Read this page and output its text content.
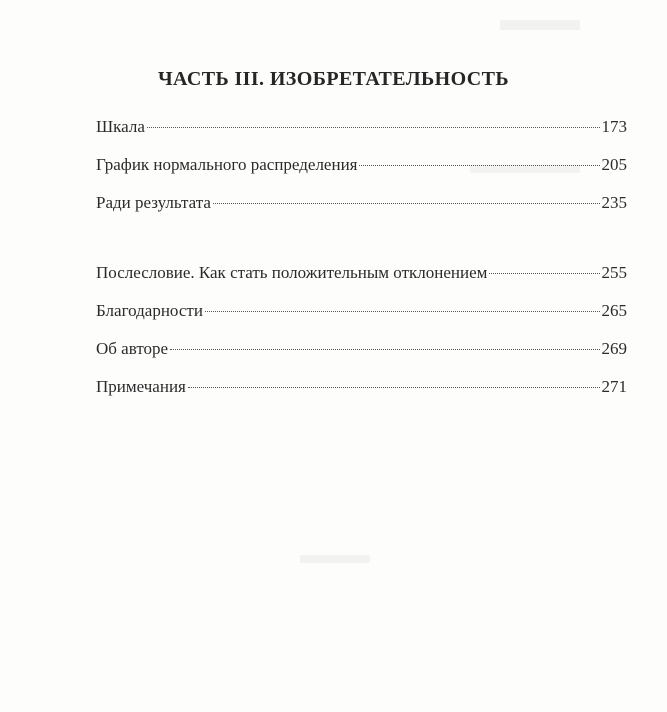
ЧАСТЬ III. ИЗОБРЕТАТЕЛЬНОСТЬ
Шкала	173
График нормального распределения	205
Ради результата	235
Послесловие. Как стать положительным отклонением	255
Благодарности	265
Об авторе	269
Примечания	271
